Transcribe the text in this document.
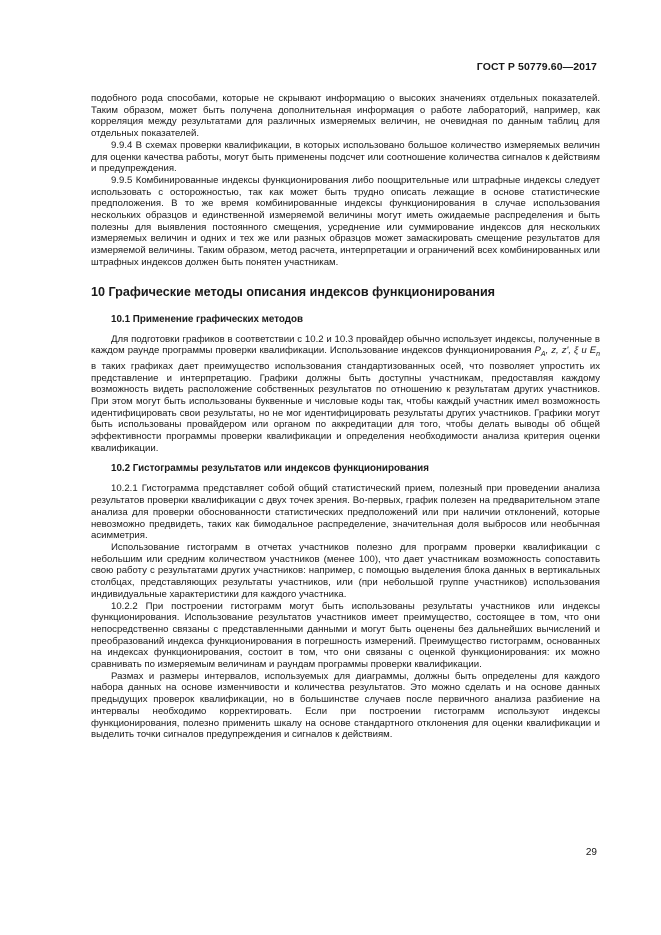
ГОСТ Р 50779.60—2017

подобного рода способами, которые не скрывают информацию о высоких значениях отдельных показателей. Таким образом, может быть получена дополнительная информация о работе лабораторий, например, как корреляция между результатами для различных измеряемых величин, не очевидная по данным таблиц для отдельных показателей.

9.9.4 В схемах проверки квалификации, в которых использовано большое количество измеряемых величин для оценки качества работы, могут быть применены подсчет или соотношение количества сигналов к действиям и предупреждения.

9.9.5 Комбинированные индексы функционирования либо поощрительные или штрафные индексы следует использовать с осторожностью, так как может быть трудно описать лежащие в основе статистические предположения. В то же время комбинированные индексы функционирования в случае использования нескольких образцов и единственной измеряемой величины могут иметь ожидаемые распределения и быть полезны для выявления постоянного смещения, усреднение или суммирование индексов для нескольких измеряемых величин и одних и тех же или разных образцов может замаскировать смещение результатов для измеряемой величины. Таким образом, метод расчета, интерпретации и ограничений всех комбинированных или штрафных индексов должен быть понятен участникам.

10 Графические методы описания индексов функционирования
10.1 Применение графических методов

Для подготовки графиков в соответствии с 10.2 и 10.3 провайдер обычно использует индексы, полученные в каждом раунде программы проверки квалификации. Использование индексов функционирования $P_A$, z, z', ξ и $E_n$ в таких графиках дает преимущество использования стандартизованных осей, что позволяет упростить их представление и интерпретацию. Графики должны быть доступны участникам, предоставляя каждому возможность видеть расположение собственных результатов по отношению к результатам других участников. При этом могут быть использованы буквенные и числовые коды так, чтобы каждый участник имел возможность идентифицировать свои результаты, но не мог идентифицировать результаты других участников. Графики могут быть использованы провайдером или органом по аккредитации для того, чтобы делать выводы об общей эффективности программы проверки квалификации и определения необходимости анализа критерия оценки квалификации.

10.2 Гистограммы результатов или индексов функционирования

10.2.1 Гистограмма представляет собой общий статистический прием, полезный при проведении анализа результатов проверки квалификации с двух точек зрения. Во-первых, график полезен на предварительном этапе анализа для проверки обоснованности статистических предположений или при наличии отклонений, которые невозможно предвидеть, таких как бимодальное распределение, значительная доля выбросов или необычная асимметрия.

Использование гистограмм в отчетах участников полезно для программ проверки квалификации с небольшим или средним количеством участников (менее 100), что дает участникам возможность сопоставить свою работу с результатами других участников: например, с помощью выделения блока данных в вертикальных столбцах, представляющих результаты участников, или (при небольшой группе участников) использования индивидуальные характеристики для каждого участника.

10.2.2 При построении гистограмм могут быть использованы результаты участников или индексы функционирования. Использование результатов участников имеет преимущество, состоящее в том, что они непосредственно связаны с представленными данными и могут быть оценены без дальнейших вычислений и преобразований индекса функционирования в погрешность измерений. Преимущество гистограмм, основанных на индексах функционирования, состоит в том, что они связаны с оценкой функционирования: их можно сравнивать по измеряемым величинам и раундам программы проверки квалификации.

Размах и размеры интервалов, используемых для диаграммы, должны быть определены для каждого набора данных на основе изменчивости и количества результатов. Это можно сделать и на основе данных предыдущих проверок квалификации, но в большинстве случаев после первичного анализа разбиение на интервалы необходимо корректировать. Если при построении гистограмм используют индексы функционирования, полезно применить шкалу на основе стандартного отклонения для оценки квалификации и выделить точки сигналов предупреждения и сигналов к действиям.

29
